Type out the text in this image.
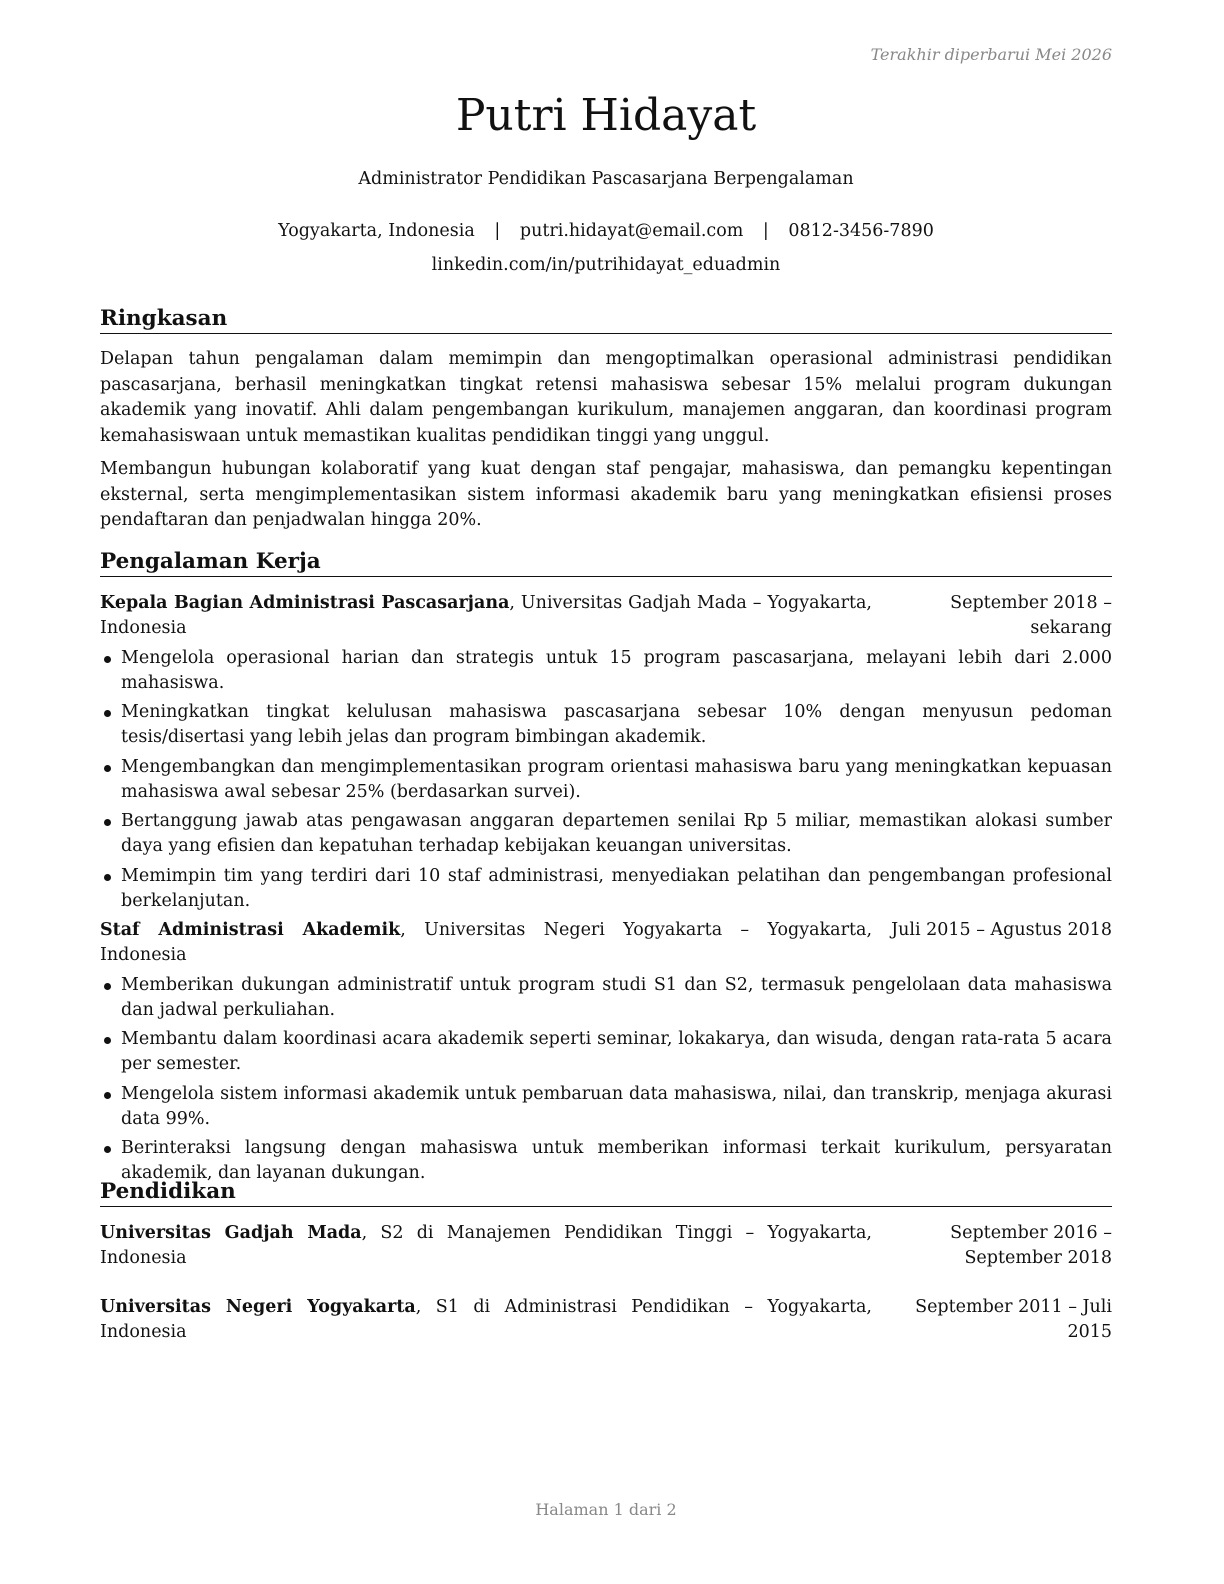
Terakhir diperbarui Mei 2026
Putri Hidayat
Administrator Pendidikan Pascasarjana Berpengalaman
Yogyakarta, Indonesia | putri.hidayat@email.com | 0812-3456-7890
linkedin.com/in/putrihidayat_eduadmin
Ringkasan

Delapan tahun pengalaman dalam memimpin dan mengoptimalkan operasional administrasi pendidikan pascasarjana, berhasil meningkatkan tingkat retensi mahasiswa sebesar 15% melalui program dukungan akademik yang inovatif. Ahli dalam pengembangan kurikulum, manajemen anggaran, dan koordinasi program kemahasiswaan untuk memastikan kualitas pendidikan tinggi yang unggul.

Membangun hubungan kolaboratif yang kuat dengan staf pengajar, mahasiswa, dan pemangku kepentingan eksternal, serta mengimplementasikan sistem informasi akademik baru yang meningkatkan efisiensi proses pendaftaran dan penjadwalan hingga 20%.

Pengalaman Kerja
Kepala Bagian Administrasi Pascasarjana, Universitas Gadjah Mada – Yogyakarta, Indonesia
September 2018 – sekarang
Mengelola operasional harian dan strategis untuk 15 program pascasarjana, melayani lebih dari 2.000 mahasiswa.
Meningkatkan tingkat kelulusan mahasiswa pascasarjana sebesar 10% dengan menyusun pedoman tesis/disertasi yang lebih jelas dan program bimbingan akademik.
Mengembangkan dan mengimplementasikan program orientasi mahasiswa baru yang meningkatkan kepuasan mahasiswa awal sebesar 25% (berdasarkan survei).
Bertanggung jawab atas pengawasan anggaran departemen senilai Rp 5 miliar, memastikan alokasi sumber daya yang efisien dan kepatuhan terhadap kebijakan keuangan universitas.
Memimpin tim yang terdiri dari 10 staf administrasi, menyediakan pelatihan dan pengembangan profesional berkelanjutan.
Staf Administrasi Akademik, Universitas Negeri Yogyakarta – Yogyakarta, Indonesia
Juli 2015 – Agustus 2018
Memberikan dukungan administratif untuk program studi S1 dan S2, termasuk pengelolaan data mahasiswa dan jadwal perkuliahan.
Membantu dalam koordinasi acara akademik seperti seminar, lokakarya, dan wisuda, dengan rata-rata 5 acara per semester.
Mengelola sistem informasi akademik untuk pembaruan data mahasiswa, nilai, dan transkrip, menjaga akurasi data 99%.
Berinteraksi langsung dengan mahasiswa untuk memberikan informasi terkait kurikulum, persyaratan akademik, dan layanan dukungan.
Pendidikan
Universitas Gadjah Mada, S2 di Manajemen Pendidikan Tinggi – Yogyakarta, Indonesia
September 2016 – September 2018
Universitas Negeri Yogyakarta, S1 di Administrasi Pendidikan – Yogyakarta, Indonesia
September 2011 – Juli 2015
Halaman 1 dari 2
